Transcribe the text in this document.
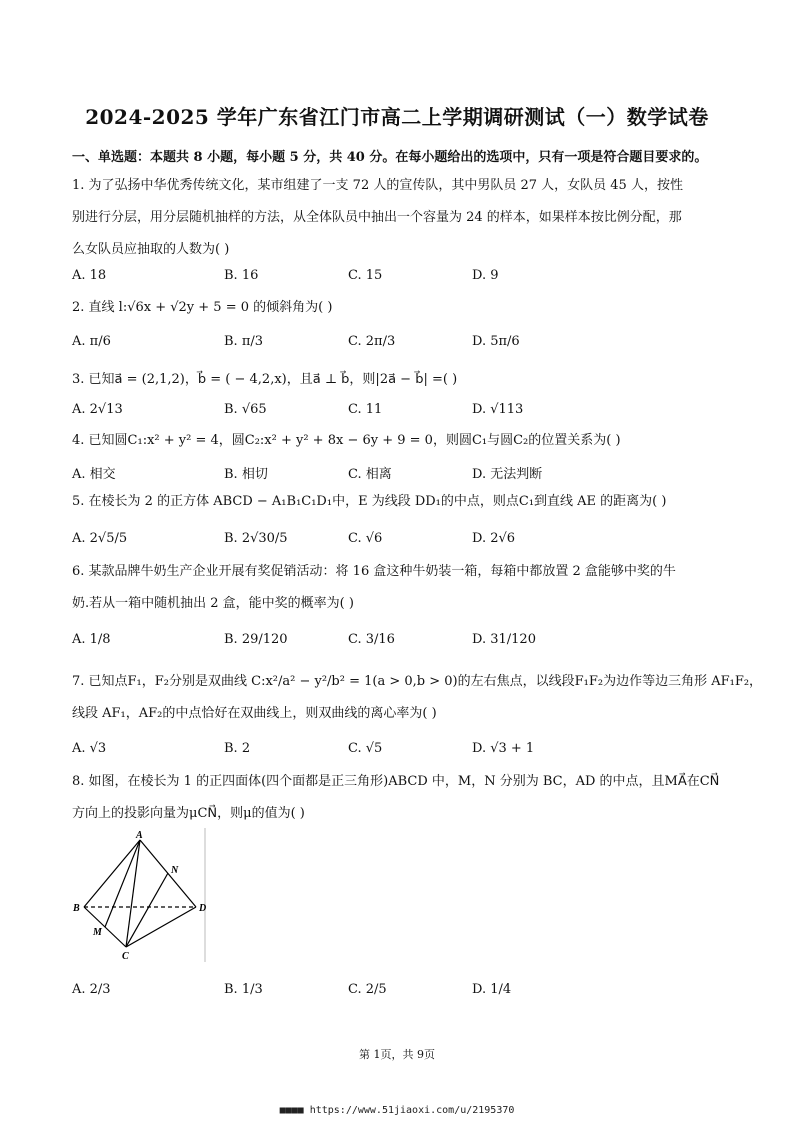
2024-2025 学年广东省江门市高二上学期调研测试（一）数学试卷
一、单选题：本题共 8 小题，每小题 5 分，共 40 分。在每小题给出的选项中，只有一项是符合题目要求的。
1. 为了弘扬中华优秀传统文化，某市组建了一支 72 人的宣传队，其中男队员 27 人，女队员 45 人，按性
别进行分层，用分层随机抽样的方法，从全体队员中抽出一个容量为 24 的样本，如果样本按比例分配，那
么女队员应抽取的人数为( )
A. 18	B. 16	C. 15	D. 9
2. 直线 l:√6x + √2y + 5 = 0 的倾斜角为( )
A. π/6	B. π/3	C. 2π/3	D. 5π/6
3. 已知a⃗ = (2,1,2)，b⃗ = ( − 4,2,x)，且a⃗ ⊥ b⃗，则|2a⃗ − b⃗| =( )
A. 2√13	B. √65	C. 11	D. √113
4. 已知圆C₁:x² + y² = 4，圆C₂:x² + y² + 8x − 6y + 9 = 0，则圆C₁与圆C₂的位置关系为( )
A. 相交	B. 相切	C. 相离	D. 无法判断
5. 在棱长为 2 的正方体 ABCD − A₁B₁C₁D₁中，E 为线段 DD₁的中点，则点C₁到直线 AE 的距离为( )
A. 2√5/5	B. 2√30/5	C. √6	D. 2√6
6. 某款品牌牛奶生产企业开展有奖促销活动：将 16 盒这种牛奶装一箱，每箱中都放置 2 盒能够中奖的牛
奶.若从一箱中随机抽出 2 盒，能中奖的概率为( )
A. 1/8	B. 29/120	C. 3/16	D. 31/120
7. 已知点F₁，F₂分别是双曲线 C:x²/a² − y²/b² = 1(a > 0,b > 0)的左右焦点，以线段F₁F₂为边作等边三角形 AF₁F₂，
线段 AF₁，AF₂的中点恰好在双曲线上，则双曲线的离心率为( )
A. √3	B. 2	C. √5	D. √3 + 1
8. 如图，在棱长为 1 的正四面体(四个面都是正三角形)ABCD 中，M，N 分别为 BC，AD 的中点，且MA⃗在CN⃗
方向上的投影向量为μCN⃗，则μ的值为( )
A
B
C
D
M
N
A. 2/3	B. 1/3	C. 2/5	D. 1/4
第 1页，共 9页
■■■■ https://www.51jiaoxi.com/u/2195370
